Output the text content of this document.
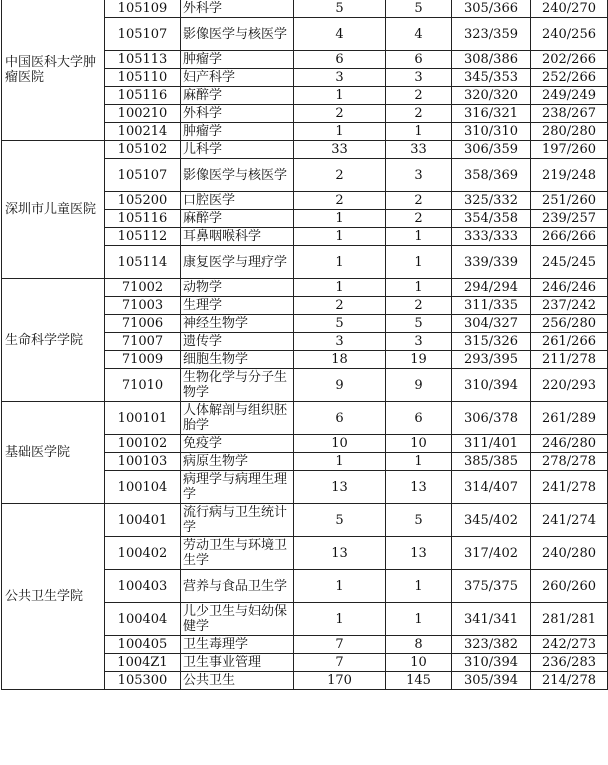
中国医科大学肿瘤医院	105109	外科学	5	5	305/366	240/270
	105107	影像医学与核医学	4	4	323/359	240/256
	105113	肿瘤学	6	6	308/386	202/266
	105110	妇产科学	3	3	345/353	252/266
	105116	麻醉学	1	2	320/320	249/249
	100210	外科学	2	2	316/321	238/267
	100214	肿瘤学	1	1	310/310	280/280
深圳市儿童医院	105102	儿科学	33	33	306/359	197/260
	105107	影像医学与核医学	2	3	358/369	219/248
	105200	口腔医学	2	2	325/332	251/260
	105116	麻醉学	1	2	354/358	239/257
	105112	耳鼻咽喉科学	1	1	333/333	266/266
	105114	康复医学与理疗学	1	1	339/339	245/245
生命科学学院	71002	动物学	1	1	294/294	246/246
	71003	生理学	2	2	311/335	237/242
	71006	神经生物学	5	5	304/327	256/280
	71007	遗传学	3	3	315/326	261/266
	71009	细胞生物学	18	19	293/395	211/278
	71010	生物化学与分子生物学	9	9	310/394	220/293
基础医学院	100101	人体解剖与组织胚胎学	6	6	306/378	261/289
	100102	免疫学	10	10	311/401	246/280
	100103	病原生物学	1	1	385/385	278/278
	100104	病理学与病理生理学	13	13	314/407	241/278
公共卫生学院	100401	流行病与卫生统计学	5	5	345/402	241/274
	100402	劳动卫生与环境卫生学	13	13	317/402	240/280
	100403	营养与食品卫生学	1	1	375/375	260/260
	100404	儿少卫生与妇幼保健学	1	1	341/341	281/281
	100405	卫生毒理学	7	8	323/382	242/273
	1004Z1	卫生事业管理	7	10	310/394	236/283
	105300	公共卫生	170	145	305/394	214/278
